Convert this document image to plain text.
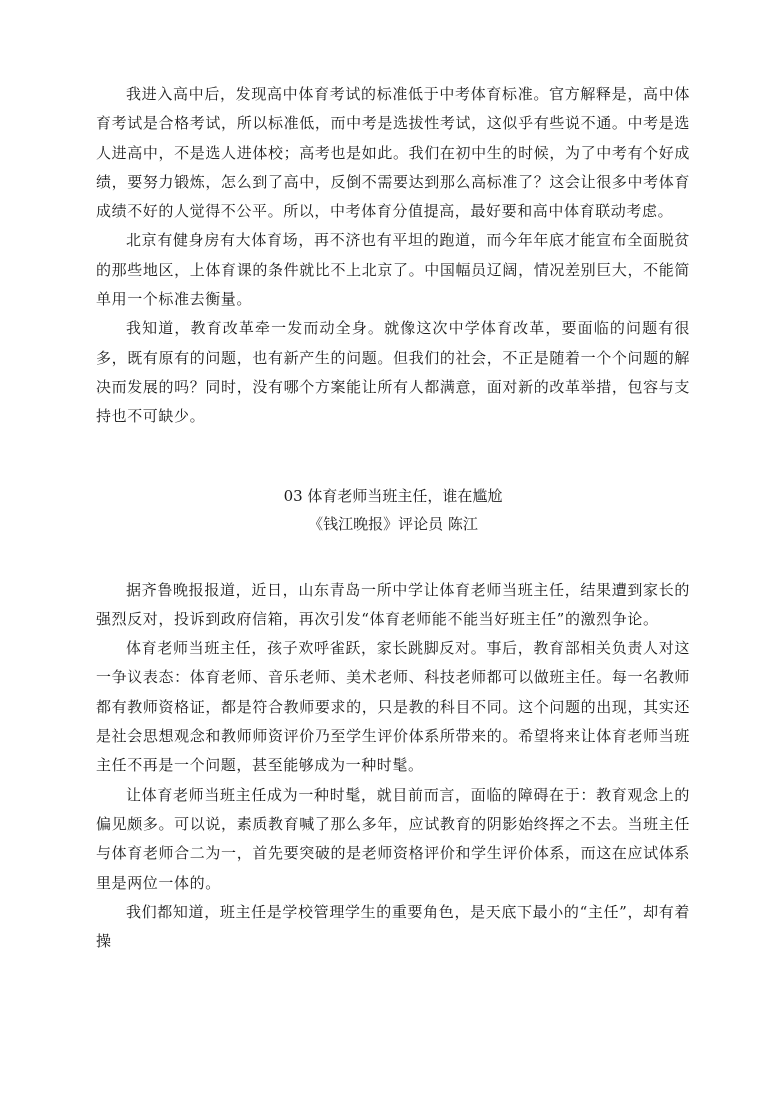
我进入高中后，发现高中体育考试的标准低于中考体育标准。官方解释是，高中体育考试是合格考试，所以标准低，而中考是选拔性考试，这似乎有些说不通。中考是选人进高中，不是选人进体校；高考也是如此。我们在初中生的时候，为了中考有个好成绩，要努力锻炼，怎么到了高中，反倒不需要达到那么高标准了？这会让很多中考体育成绩不好的人觉得不公平。所以，中考体育分值提高，最好要和高中体育联动考虑。

北京有健身房有大体育场，再不济也有平坦的跑道，而今年年底才能宣布全面脱贫的那些地区，上体育课的条件就比不上北京了。中国幅员辽阔，情况差别巨大，不能简单用一个标准去衡量。

我知道，教育改革牵一发而动全身。就像这次中学体育改革，要面临的问题有很多，既有原有的问题，也有新产生的问题。但我们的社会，不正是随着一个个问题的解决而发展的吗？同时，没有哪个方案能让所有人都满意，面对新的改革举措，包容与支持也不可缺少。

03 体育老师当班主任，谁在尴尬
《钱江晚报》评论员 陈江

据齐鲁晚报报道，近日，山东青岛一所中学让体育老师当班主任，结果遭到家长的强烈反对，投诉到政府信箱，再次引发“体育老师能不能当好班主任”的激烈争论。

体育老师当班主任，孩子欢呼雀跃，家长跳脚反对。事后，教育部相关负责人对这一争议表态：体育老师、音乐老师、美术老师、科技老师都可以做班主任。每一名教师都有教师资格证，都是符合教师要求的，只是教的科目不同。这个问题的出现，其实还是社会思想观念和教师师资评价乃至学生评价体系所带来的。希望将来让体育老师当班主任不再是一个问题，甚至能够成为一种时髦。

让体育老师当班主任成为一种时髦，就目前而言，面临的障碍在于：教育观念上的偏见颇多。可以说，素质教育喊了那么多年，应试教育的阴影始终挥之不去。当班主任与体育老师合二为一，首先要突破的是老师资格评价和学生评价体系，而这在应试体系里是两位一体的。

我们都知道，班主任是学校管理学生的重要角色，是天底下最小的“主任”，却有着操
